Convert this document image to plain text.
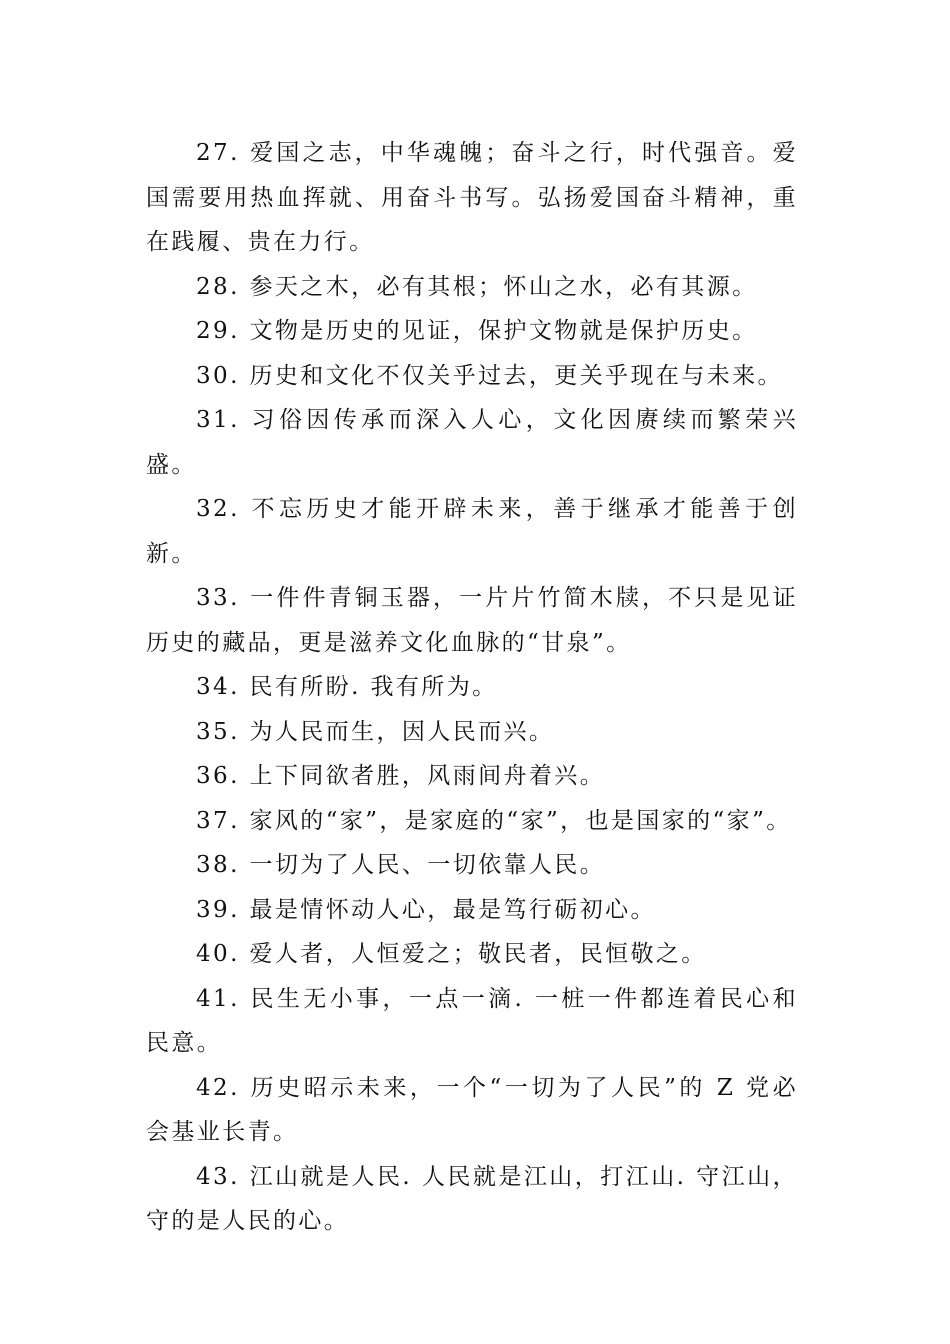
27. 爱国之志，中华魂魄；奋斗之行，时代强音。爱国需要用热血挥就、用奋斗书写。弘扬爱国奋斗精神，重在践履、贵在力行。

28. 参天之木，必有其根；怀山之水，必有其源。

29. 文物是历史的见证，保护文物就是保护历史。

30. 历史和文化不仅关乎过去，更关乎现在与未来。

31. 习俗因传承而深入人心，文化因赓续而繁荣兴盛。

32. 不忘历史才能开辟未来，善于继承才能善于创新。

33. 一件件青铜玉器，一片片竹简木牍，不只是见证历史的藏品，更是滋养文化血脉的“甘泉”。

34. 民有所盼. 我有所为。

35. 为人民而生，因人民而兴。

36. 上下同欲者胜，风雨间舟着兴。

37. 家风的“家”，是家庭的“家”，也是国家的“家”。

38. 一切为了人民、一切依靠人民。

39. 最是情怀动人心，最是笃行砺初心。

40. 爱人者，人恒爱之；敬民者，民恒敬之。

41. 民生无小事，一点一滴. 一桩一件都连着民心和民意。

42. 历史昭示未来，一个“一切为了人民”的 Z 党必会基业长青。

43. 江山就是人民. 人民就是江山，打江山. 守江山，守的是人民的心。
